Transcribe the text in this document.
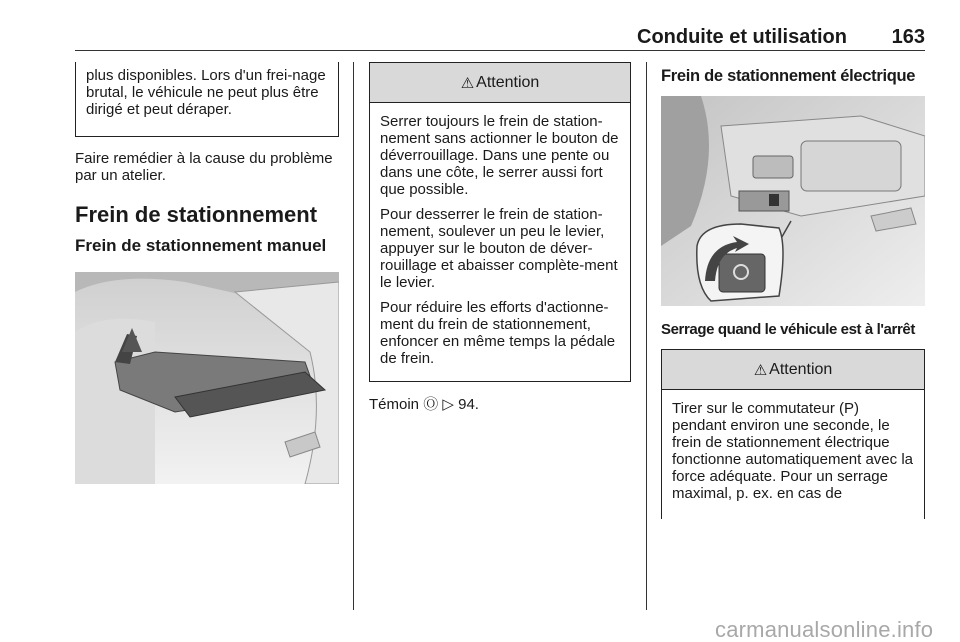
Conduite et utilisation 163

plus disponibles. Lors d'un frei-nage brutal, le véhicule ne peut plus être dirigé et peut déraper.

Faire remédier à la cause du problème par un atelier.

Frein de stationnement
Frein de stationnement manuel
⚠ Attention

Serrer toujours le frein de station-nement sans actionner le bouton de déverrouillage. Dans une pente ou dans une côte, le serrer aussi fort que possible.

Pour desserrer le frein de station-nement, soulever un peu le levier, appuyer sur le bouton de déver-rouillage et abaisser complète-ment le levier.

Pour réduire les efforts d'actionne-ment du frein de stationnement, enfoncer en même temps la pédale de frein.

Témoin Ⓞ ▷ 94.

Frein de stationnement électrique
Serrage quand le véhicule est à l'arrêt
⚠ Attention

Tirer sur le commutateur (P) pendant environ une seconde, le frein de stationnement électrique fonctionne automatiquement avec la force adéquate. Pour un serrage maximal, p. ex. en cas de

carmanualsonline.info
